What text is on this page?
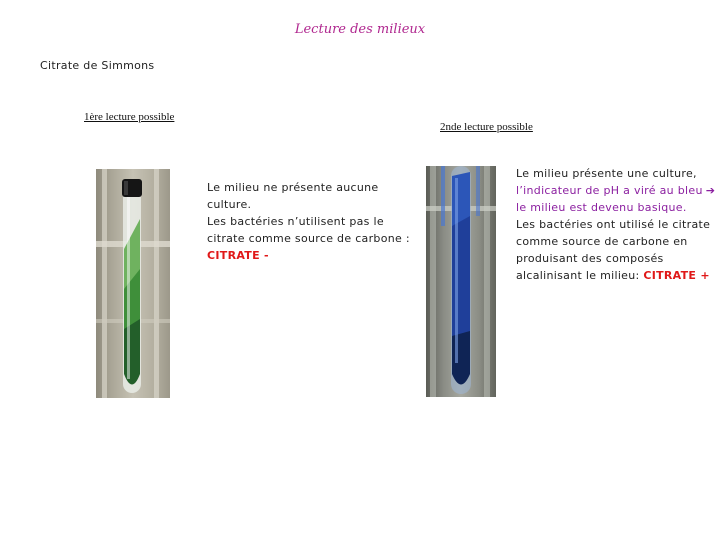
Lecture des milieux
Citrate de Simmons
1ère lecture possible
2nde lecture possible
Le milieu ne présente aucune
culture.
Les bactéries n’utilisent pas le
citrate comme source de carbone :
CITRATE -
Le milieu présente une culture,
l’indicateur de pH a viré au bleu ➔
le milieu est devenu basique.
Les bactéries ont utilisé le citrate
comme source de carbone en
produisant des composés
alcalinisant le milieu: CITRATE +
